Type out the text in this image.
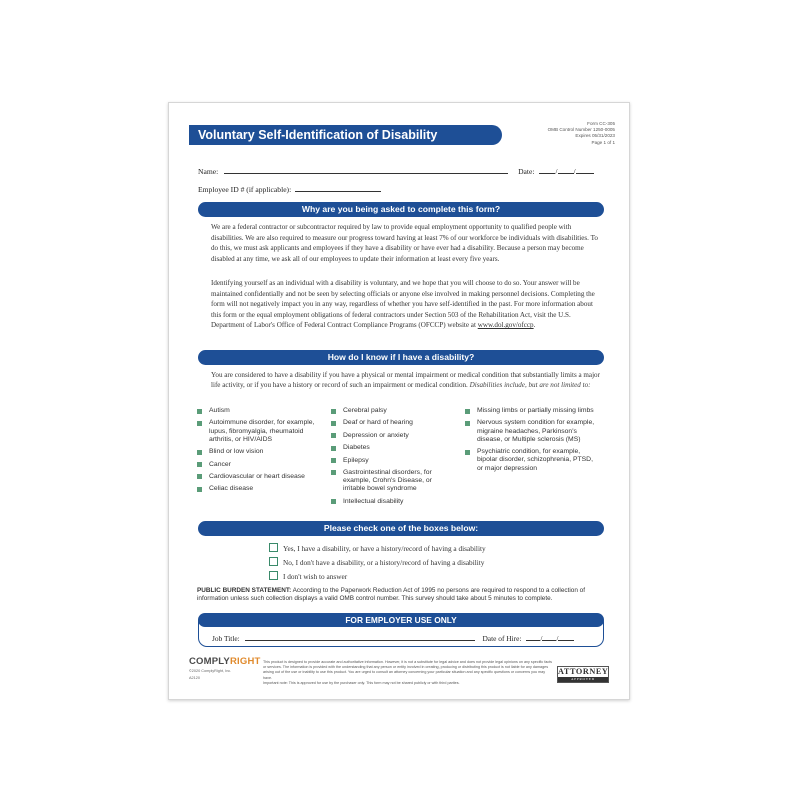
Voluntary Self-Identification of Disability
Form CC-305
OMB Control Number 1250-0005
Expires 05/31/2023
Page 1 of 1
Name:	Date:	/ /
Employee ID # (if applicable):
Why are you being asked to complete this form?
We are a federal contractor or subcontractor required by law to provide equal employment opportunity to qualified people with disabilities. We are also required to measure our progress toward having at least 7% of our workforce be individuals with disabilities. To do this, we must ask applicants and employees if they have a disability or have ever had a disability. Because a person may become disabled at any time, we ask all of our employees to update their information at least every five years.
Identifying yourself as an individual with a disability is voluntary, and we hope that you will choose to do so. Your answer will be maintained confidentially and not be seen by selecting officials or anyone else involved in making personnel decisions. Completing the form will not negatively impact you in any way, regardless of whether you have self-identified in the past. For more information about this form or the equal employment obligations of federal contractors under Section 503 of the Rehabilitation Act, visit the U.S. Department of Labor's Office of Federal Contract Compliance Programs (OFCCP) website at www.dol.gov/ofccp.
How do I know if I have a disability?
You are considered to have a disability if you have a physical or mental impairment or medical condition that substantially limits a major life activity, or if you have a history or record of such an impairment or medical condition. Disabilities include, but are not limited to:
Autism
Autoimmune disorder, for example, lupus, fibromyalgia, rheumatoid arthritis, or HIV/AIDS
Blind or low vision
Cancer
Cardiovascular or heart disease
Celiac disease
Cerebral palsy
Deaf or hard of hearing
Depression or anxiety
Diabetes
Epilepsy
Gastrointestinal disorders, for example, Crohn's Disease, or irritable bowel syndrome
Intellectual disability
Missing limbs or partially missing limbs
Nervous system condition for example, migraine headaches, Parkinson's disease, or Multiple sclerosis (MS)
Psychiatric condition, for example, bipolar disorder, schizophrenia, PTSD, or major depression
Please check one of the boxes below:
Yes, I have a disability, or have a history/record of having a disability
No, I don't have a disability, or a history/record of having a disability
I don't wish to answer
PUBLIC BURDEN STATEMENT: According to the Paperwork Reduction Act of 1995 no persons are required to respond to a collection of information unless such collection displays a valid OMB control number. This survey should take about 5 minutes to complete.
FOR EMPLOYER USE ONLY
Job Title:	Date of Hire:	/ /
COMPLYRIGHT
©2020 ComplyRight, Inc.
A2120
This product is designed to provide accurate and authoritative information. However, it is not a substitute for legal advice and does not provide legal opinions on any specific facts or services. The information is provided with the understanding that any person or entity involved in creating, producing or distributing this product is not liable for any damages arising out of the use or inability to use this product. You are urged to consult an attorney concerning your particular situation and any specific questions or concerns you may have.
Important note: This is approved for use by the purchaser only. This form may not be shared publicly or with third parties.
ATTORNEY
APPROVED
